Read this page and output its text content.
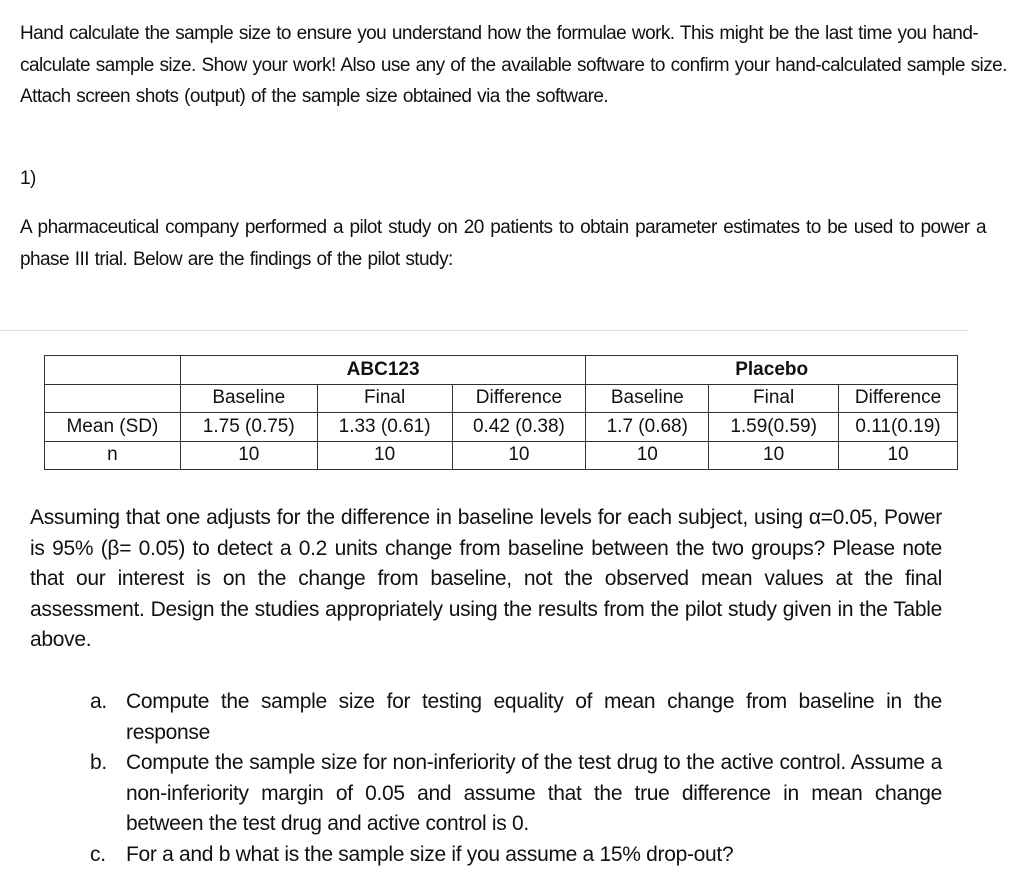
Hand calculate the sample size to ensure you understand how the formulae work. This might be the last time you hand-calculate sample size. Show your work! Also use any of the available software to confirm your hand-calculated sample size. Attach screen shots (output) of the sample size obtained via the software.

1)

A pharmaceutical company performed a pilot study on 20 patients to obtain parameter estimates to be used to power a phase III trial. Below are the findings of the pilot study:

	ABC123			Placebo		
	Baseline	Final	Difference	Baseline	Final	Difference
Mean (SD)	1.75 (0.75)	1.33 (0.61)	0.42 (0.38)	1.7 (0.68)	1.59(0.59)	0.11(0.19)
n	10	10	10	10	10	10

Assuming that one adjusts for the difference in baseline levels for each subject, using α=0.05, Power is 95% (β= 0.05) to detect a 0.2 units change from baseline between the two groups? Please note that our interest is on the change from baseline, not the observed mean values at the final assessment. Design the studies appropriately using the results from the pilot study given in the Table above.

a. Compute the sample size for testing equality of mean change from baseline in the response
b. Compute the sample size for non-inferiority of the test drug to the active control. Assume a non-inferiority margin of 0.05 and assume that the true difference in mean change between the test drug and active control is 0.
c. For a and b what is the sample size if you assume a 15% drop-out?
